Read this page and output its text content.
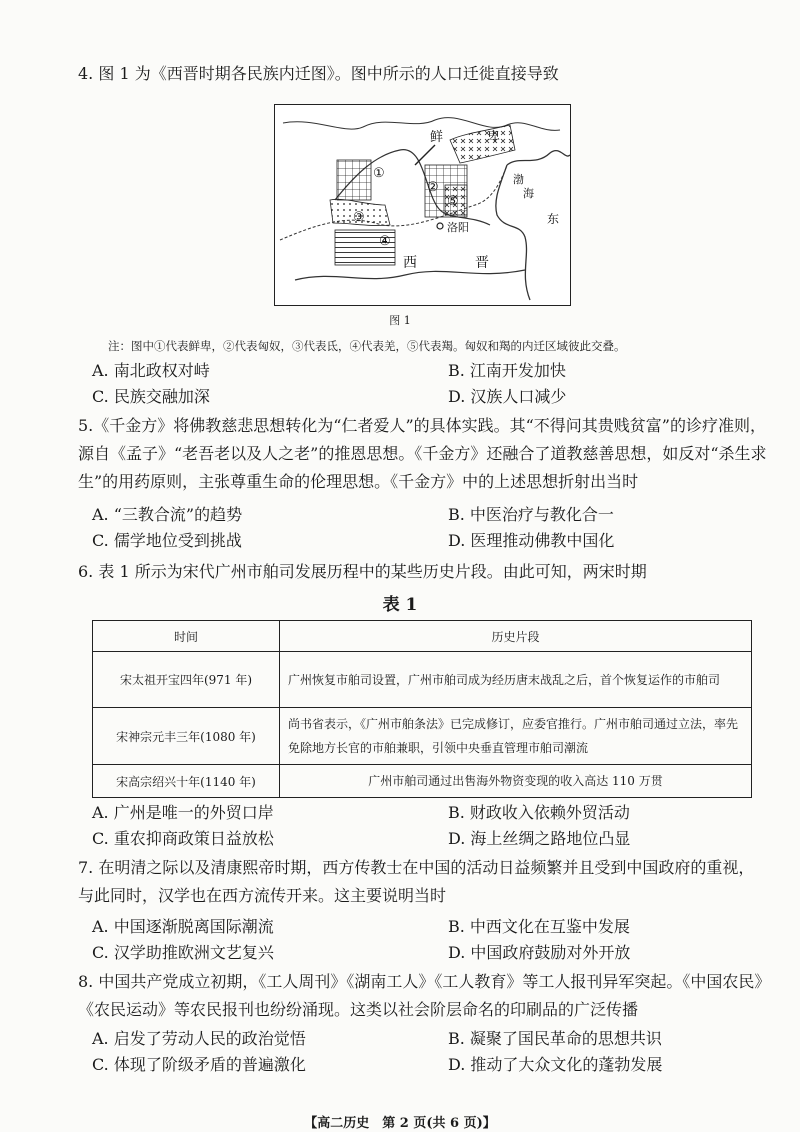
4. 图 1 为《西晋时期各民族内迁图》。图中所示的人口迁徙直接导致

鲜	卑
渤
海
东
西	晋
洛阳
①
②
③
④
⑤
图 1
注：图中①代表鲜卑，②代表匈奴，③代表氐，④代表羌，⑤代表羯。匈奴和羯的内迁区域彼此交叠。
A. 南北政权对峙	B. 江南开发加快
C. 民族交融加深	D. 汉族人口减少

5.《千金方》将佛教慈悲思想转化为“仁者爱人”的具体实践。其“不得问其贵贱贫富”的诊疗准则，源自《孟子》“老吾老以及人之老”的推恩思想。《千金方》还融合了道教慈善思想，如反对“杀生求生”的用药原则，主张尊重生命的伦理思想。《千金方》中的上述思想折射出当时

A. “三教合流”的趋势	B. 中医治疗与教化合一
C. 儒学地位受到挑战	D. 医理推动佛教中国化

6. 表 1 所示为宋代广州市舶司发展历程中的某些历史片段。由此可知，两宋时期

表 1
时间	历史片段
宋太祖开宝四年(971 年)	广州恢复市舶司设置，广州市舶司成为经历唐末战乱之后，首个恢复运作的市舶司
宋神宗元丰三年(1080 年)	尚书省表示，《广州市舶条法》已完成修订，应委官推行。广州市舶司通过立法，率先免除地方长官的市舶兼职，引领中央垂直管理市舶司潮流
宋高宗绍兴十年(1140 年)	广州市舶司通过出售海外物资变现的收入高达 110 万贯
A. 广州是唯一的外贸口岸	B. 财政收入依赖外贸活动
C. 重农抑商政策日益放松	D. 海上丝绸之路地位凸显

7. 在明清之际以及清康熙帝时期，西方传教士在中国的活动日益频繁并且受到中国政府的重视，与此同时，汉学也在西方流传开来。这主要说明当时

A. 中国逐渐脱离国际潮流	B. 中西文化在互鉴中发展
C. 汉学助推欧洲文艺复兴	D. 中国政府鼓励对外开放

8. 中国共产党成立初期，《工人周刊》《湖南工人》《工人教育》等工人报刊异军突起。《中国农民》《农民运动》等农民报刊也纷纷涌现。这类以社会阶层命名的印刷品的广泛传播

A. 启发了劳动人民的政治觉悟	B. 凝聚了国民革命的思想共识
C. 体现了阶级矛盾的普遍激化	D. 推动了大众文化的蓬勃发展
【高二历史　第 2 页(共 6 页)】
